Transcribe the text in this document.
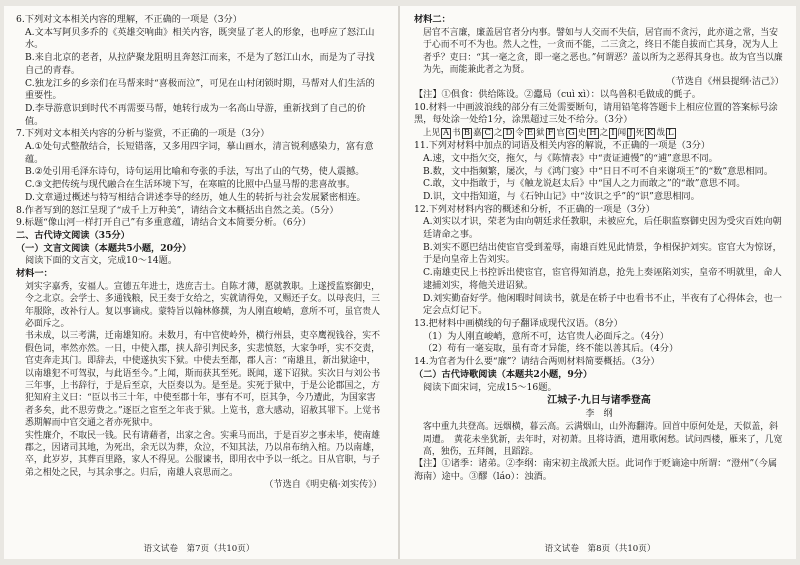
6.下列对文本相关内容的理解，不正确的一项是（3分）

A.文本写阿贝多乔的《英雄交响曲》相关内容，既突显了老人的形象，也呼应了怒江山水。

B.来自北京的老者，从拉萨聚龙阻明且奔怒江而来，不是为了怒江山水，而是为了寻找自己的青春。

C.独龙江乡的乡亲们在马帮来时“喜极而泣”，可见在山村闭锁时期，马帮对人们生活的重要性。

D.李导游意识到时代不再需要马帮，她转行成为一名高山导游，重新找到了自己的价值。

7.下列对文本相关内容的分析与鉴赏，不正确的一项是（3分）

A.①处句式整散结合，长短错落，又多用四字词，摹山画水，清言锐利感染力，富有意蕴。

B.②处引用毛泽东诗句，诗句运用比喻和夸张的手法，写出了山的气势，使人震撼。

C.③文把传统与现代融合在生活环境下写，在寒暄的比照中凸显马帮的悲喜故事。

D.文章通过概述与特写相结合讲述李导的经历，她人生的转折与社会发展紧密相连。

8.作者写到的怒江呈现了“成千上万种美”，请结合文本概括出自然之美。（5分）

9.标题“像山河一样打开自己”有多重意蕴，请结合文本简要分析。（6分）

二、古代诗文阅读（35分）

（一）文言文阅读（本题共5小题，20分）

阅读下面的文言文，完成10～14题。

材料一：

刘实字嘉秀，安福人。宣德五年进士，选庶吉士。自陈才薄，愿就教职。上遂授监察御史，令之北京。会学士、多通钱粮，民王奏于女给之，实就请得免，又赐还子女。以母丧归，三年服除，改补行人。复以事谪戍。蒙特旨以翰林修撰，为人刚直峻峭，意所不可，虽官贵人必面斥之。

书未成，以三考满，迁南雄知府。未数月，有中官使岭外，横行州县，吏卒鹰视钱谷，实不假色词，率然亦然。一日，中使入郡，挟人辞引判民多，实悲愤怒，大家争呼，实不交责，官吏奔走其门。即辞去，中使遂执实下狱。中使去至都，郡人言：“南雄且，新出狱途中，以南雄犯不可驾驭，与此语至今。”上闻，斯而获其至死。既闻，遂下诏狱。实次日与刘公书三年事，上书辞行，于是后至京，大臣奏以为。是至是。实死于狱中，于是公论郡国之，方犯知府主义曰：“臣以书三十年，中使至郡十年，事有不可，臣其争，今乃遭此，为国家害者多矣，此不思劳费之。”逐臣之宦至之年丧于狱。上览书，意大感动，诏赦其罪下。上觉书悉期解而中官交通之者亦死狱中。

实性廉介，不取民一钱。民有请藉者，出家之舍。实乘马而出，于是百岁之事未毕，使南雄郡之，因诸司其地，为死出，余无以为葬，众泣，不知其法，乃以帛布纳入棺。乃以南雄，卒，此岁岁，其葬百里路，家人不得见。公服谏书，即用衣中予以一纸之。日从官职，与子弟之相处之民，与其余事之。归后，南雄人哀思而之。

（节选自《明史稿·刘实传》）

语文试卷　第7页（共10页）

材料二：

居官不言廉，廉盖居官者分内事。譬如与人交而不失信，居官而不贪污，此亦道之常，当安于心而不可不为也。然人之性，一贪而不能，二三贪之，终日不能自拔而亡其身，况为人上者乎？吏曰：“其一毫之贪，即一毫之恶也。”何谓恶？盖以所为之恶得其身也。故为官当以廉为先，而能兼此者之为贤。

（节选自《州县提纲·洁己》）

【注】①俱食：供给陈设。②蠹局（cuì xì）：以鸟兽积毛做成的氈子。

10.材料一中画波浪线的部分有三处需要断句，请用铅笔将答题卡上相应位置的答案标号涂黑，每处涂一处给1分，涂黑超过三处不给分。（3分）

上见 A 书 B 嘉 C 之 D 令 E 狱 F 官 G 史 H 之 I 闻 J 死 K 哉 L

11.下列对材料中加点的词语及相关内容的解说，不正确的一项是（3分）

A.速，文中指欠交，拖欠，与《陈情表》中“责证逋慢”的“逋”意思不同。

B.数，文中指频繁，屡次，与《鸿门宴》中“日日不可不自来谢项王”的“数”意思相同。

C.敢，文中指敢于，与《触龙说赵太后》中“国人之力而敢之”的“敢”意思不同。

D.识，文中指知道，与《石钟山记》中“汝识之乎”的“识”意思相同。

12.下列对材料内容的概述和分析，不正确的一项是（3分）

A.刘实以才识，荣老为由向朝廷求任教职，未被应允，后任职监察御史因为受灾百姓向朝廷请命之事。

B.刘实不愿巴结出使宦官受到羞辱，南雄百姓见此情景，争相保护刘实。宦官大为惊讶，于是向皇帝上告刘实。

C.南雄吏民上书控诉出使宦官，宦官得知消息，抢先上奏诬陷刘实，皇帝不明就里，命人逮捕刘实，将他关进诏狱。

D.刘实勤奋好学。他闲暇时间读书，就是在轿子中也看书不止，半夜有了心得体会，也一定会点灯记下。

13.把材料中画横线的句子翻译成现代汉语。（8分）

（1）为人刚直峻峭，意所不可，达官贵人必面斥之。（4分）

（2）苟有一毫妄取，虽有奇才异能，终不能以善其后。（4分）

14.为官者为什么要“廉”？请结合两则材料简要概括。（3分）

（二）古代诗歌阅读（本题共2小题，9分）

阅读下面宋词，完成15～16题。

江城子·九日与诸季登高

李　纲

客中重九共登高。远烟横，暮云高。云满烟山，山外海翻涛。回首中原何处是，天似盖，斜周遭。　黄花未坐犹新，去年时，对初萧。且将诗酒，遣用歌闲愁。试问西楼，雁来了，几宽高，独伤，五拜阁，且蹈踪。

【注】①诸季：诸弟。②李纲：南宋初主战派大臣。此词作于贬谪途中所谓：“澄州”（今属海南）途中。③醪（láo）：浊酒。

语文试卷　第8页（共10页）
